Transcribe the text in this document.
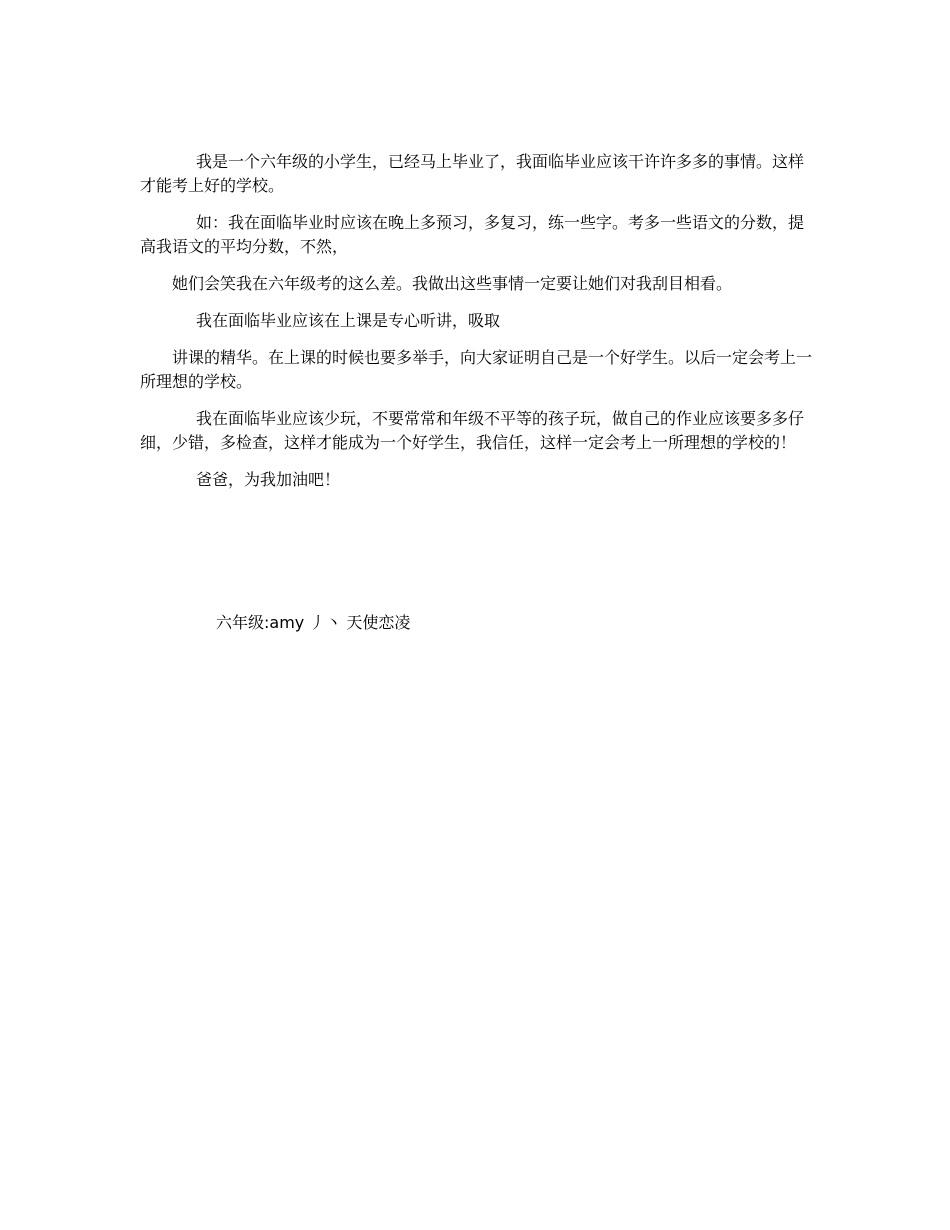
我是一个六年级的小学生，已经马上毕业了，我面临毕业应该干许许多多的事情。这样才能考上好的学校。

如：我在面临毕业时应该在晚上多预习，多复习，练一些字。考多一些语文的分数，提高我语文的平均分数，不然，

她们会笑我在六年级考的这么差。我做出这些事情一定要让她们对我刮目相看。

我在面临毕业应该在上课是专心听讲，吸取

讲课的精华。在上课的时候也要多举手，向大家证明自己是一个好学生。以后一定会考上一所理想的学校。

我在面临毕业应该少玩，不要常常和年级不平等的孩子玩，做自己的作业应该要多多仔细，少错，多检查，这样才能成为一个好学生，我信任，这样一定会考上一所理想的学校的！

爸爸，为我加油吧！

六年级:amy 丿丶 天使恋凌
